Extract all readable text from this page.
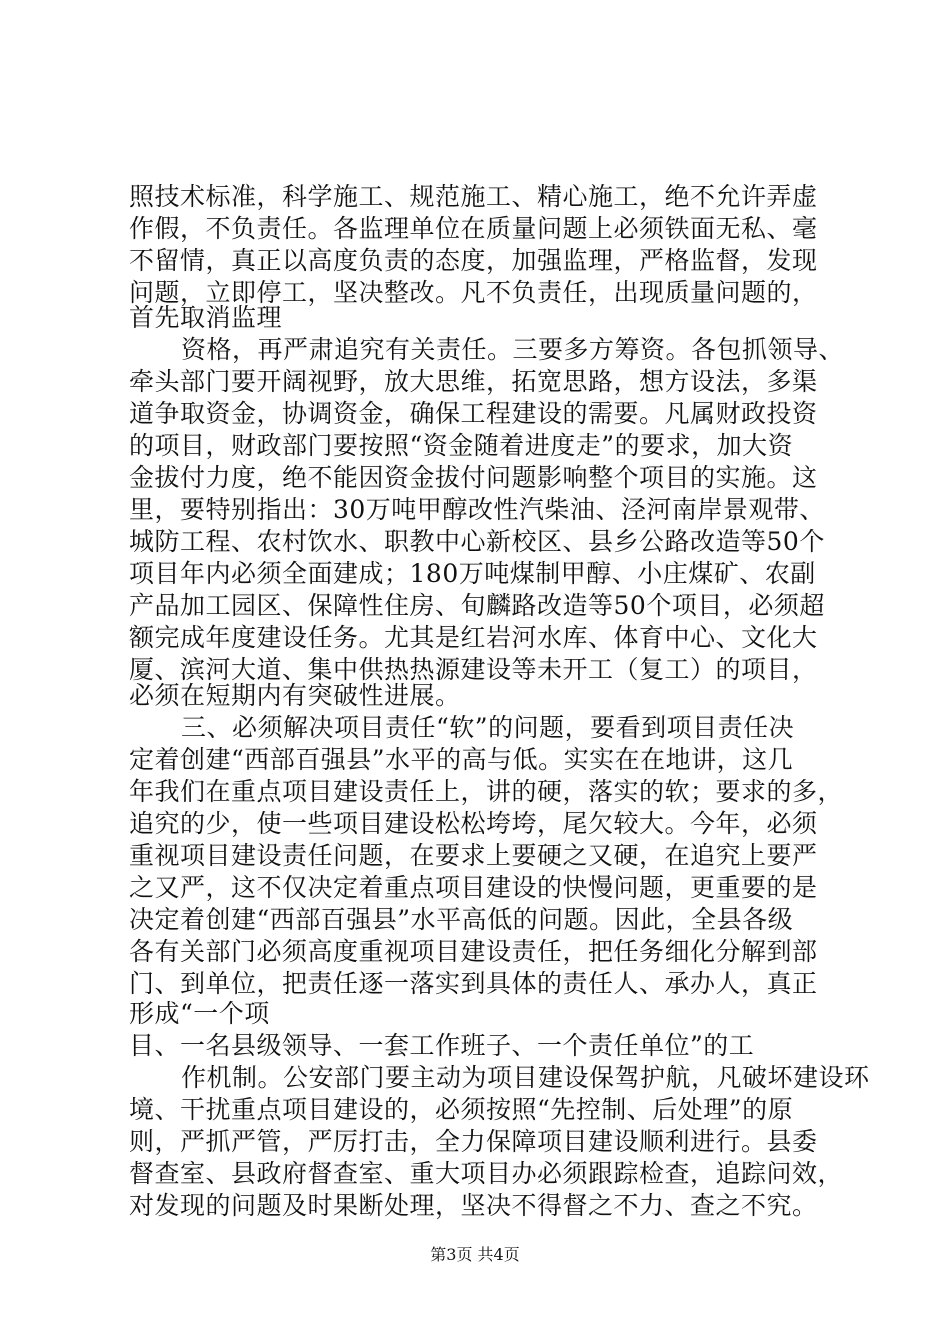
照技术标准，科学施工、规范施工、精心施工，绝不允许弄虚
作假，不负责任。各监理单位在质量问题上必须铁面无私、毫
不留情，真正以高度负责的态度，加强监理，严格监督，发现
问题，立即停工，坚决整改。凡不负责任，出现质量问题的，
首先取消监理
资格，再严肃追究有关责任。三要多方筹资。各包抓领导、
牵头部门要开阔视野，放大思维，拓宽思路，想方设法，多渠
道争取资金，协调资金，确保工程建设的需要。凡属财政投资
的项目，财政部门要按照“资金随着进度走”的要求，加大资
金拔付力度，绝不能因资金拔付问题影响整个项目的实施。这
里，要特别指出：30万吨甲醇改性汽柴油、泾河南岸景观带、
城防工程、农村饮水、职教中心新校区、县乡公路改造等50个
项目年内必须全面建成；180万吨煤制甲醇、小庄煤矿、农副
产品加工园区、保障性住房、旬麟路改造等50个项目，必须超
额完成年度建设任务。尤其是红岩河水库、体育中心、文化大
厦、滨河大道、集中供热热源建设等未开工（复工）的项目，
必须在短期内有突破性进展。
三、必须解决项目责任“软”的问题，要看到项目责任决
定着创建“西部百强县”水平的高与低。实实在在地讲，这几
年我们在重点项目建设责任上，讲的硬，落实的软；要求的多，
追究的少，使一些项目建设松松垮垮，尾欠较大。今年，必须
重视项目建设责任问题，在要求上要硬之又硬，在追究上要严
之又严，这不仅决定着重点项目建设的快慢问题，更重要的是
决定着创建“西部百强县”水平高低的问题。因此，全县各级
各有关部门必须高度重视项目建设责任，把任务细化分解到部
门、到单位，把责任逐一落实到具体的责任人、承办人，真正
形成“一个项
目、一名县级领导、一套工作班子、一个责任单位”的工
作机制。公安部门要主动为项目建设保驾护航，凡破坏建设环
境、干扰重点项目建设的，必须按照“先控制、后处理”的原
则，严抓严管，严厉打击，全力保障项目建设顺利进行。县委
督查室、县政府督查室、重大项目办必须跟踪检查，追踪问效，
对发现的问题及时果断处理，坚决不得督之不力、查之不究。
第3页 共4页
